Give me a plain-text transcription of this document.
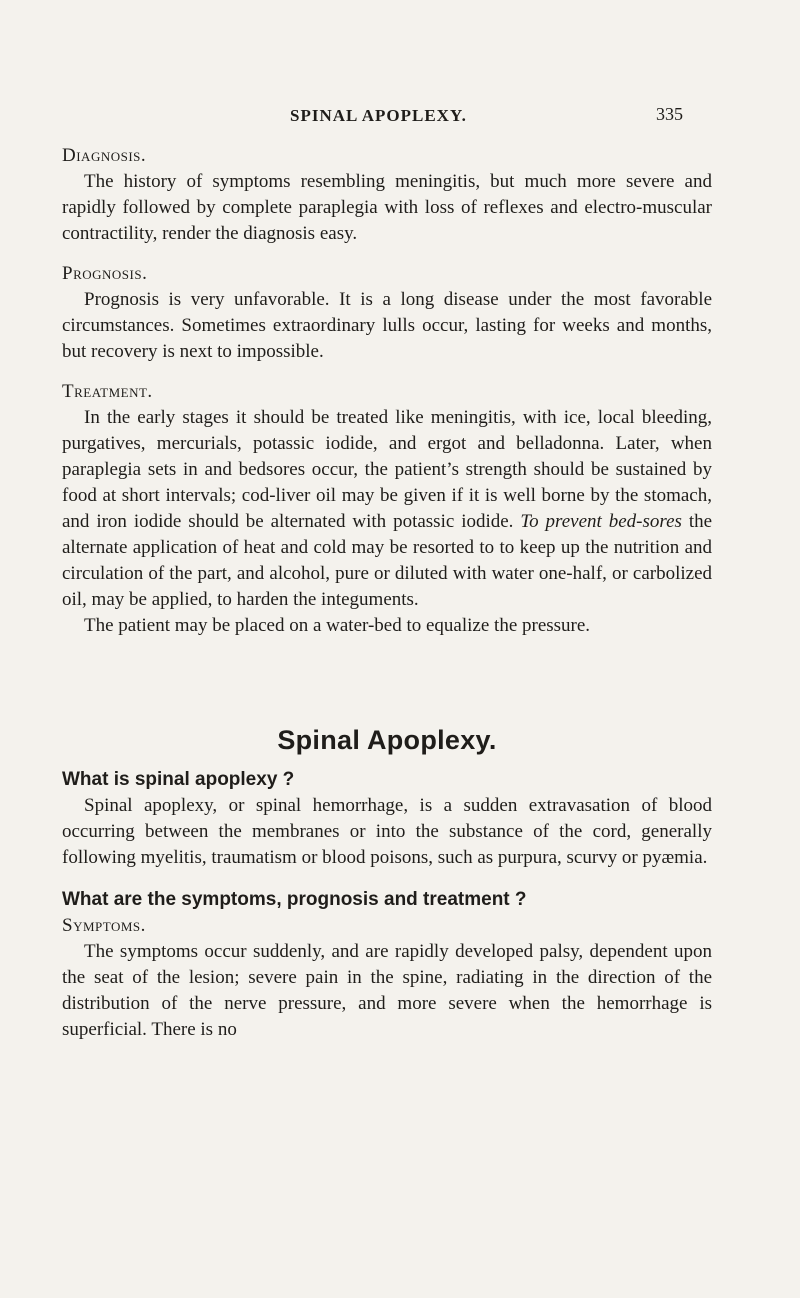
SPINAL APOPLEXY.	335
Diagnosis.

The history of symptoms resembling meningitis, but much more severe and rapidly followed by complete paraplegia with loss of reflexes and electro-muscular contractility, render the diagnosis easy.

Prognosis.

Prognosis is very unfavorable. It is a long disease under the most favorable circumstances. Sometimes extraordinary lulls occur, lasting for weeks and months, but recovery is next to impossible.

Treatment.

In the early stages it should be treated like meningitis, with ice, local bleeding, purgatives, mercurials, potassic iodide, and ergot and belladonna. Later, when paraplegia sets in and bedsores occur, the patient’s strength should be sustained by food at short intervals; cod-liver oil may be given if it is well borne by the stomach, and iron iodide should be alternated with potassic iodide. To prevent bed-sores the alternate application of heat and cold may be resorted to to keep up the nutrition and circulation of the part, and alcohol, pure or diluted with water one-half, or carbolized oil, may be applied, to harden the integuments.

The patient may be placed on a water-bed to equalize the pressure.

Spinal Apoplexy.

What is spinal apoplexy ?

Spinal apoplexy, or spinal hemorrhage, is a sudden extravasation of blood occurring between the membranes or into the substance of the cord, generally following myelitis, traumatism or blood poisons, such as purpura, scurvy or pyæmia.

What are the symptoms, prognosis and treatment ?

Symptoms.

The symptoms occur suddenly, and are rapidly developed palsy, dependent upon the seat of the lesion; severe pain in the spine, radiating in the direction of the distribution of the nerve pressure, and more severe when the hemorrhage is superficial. There is no
